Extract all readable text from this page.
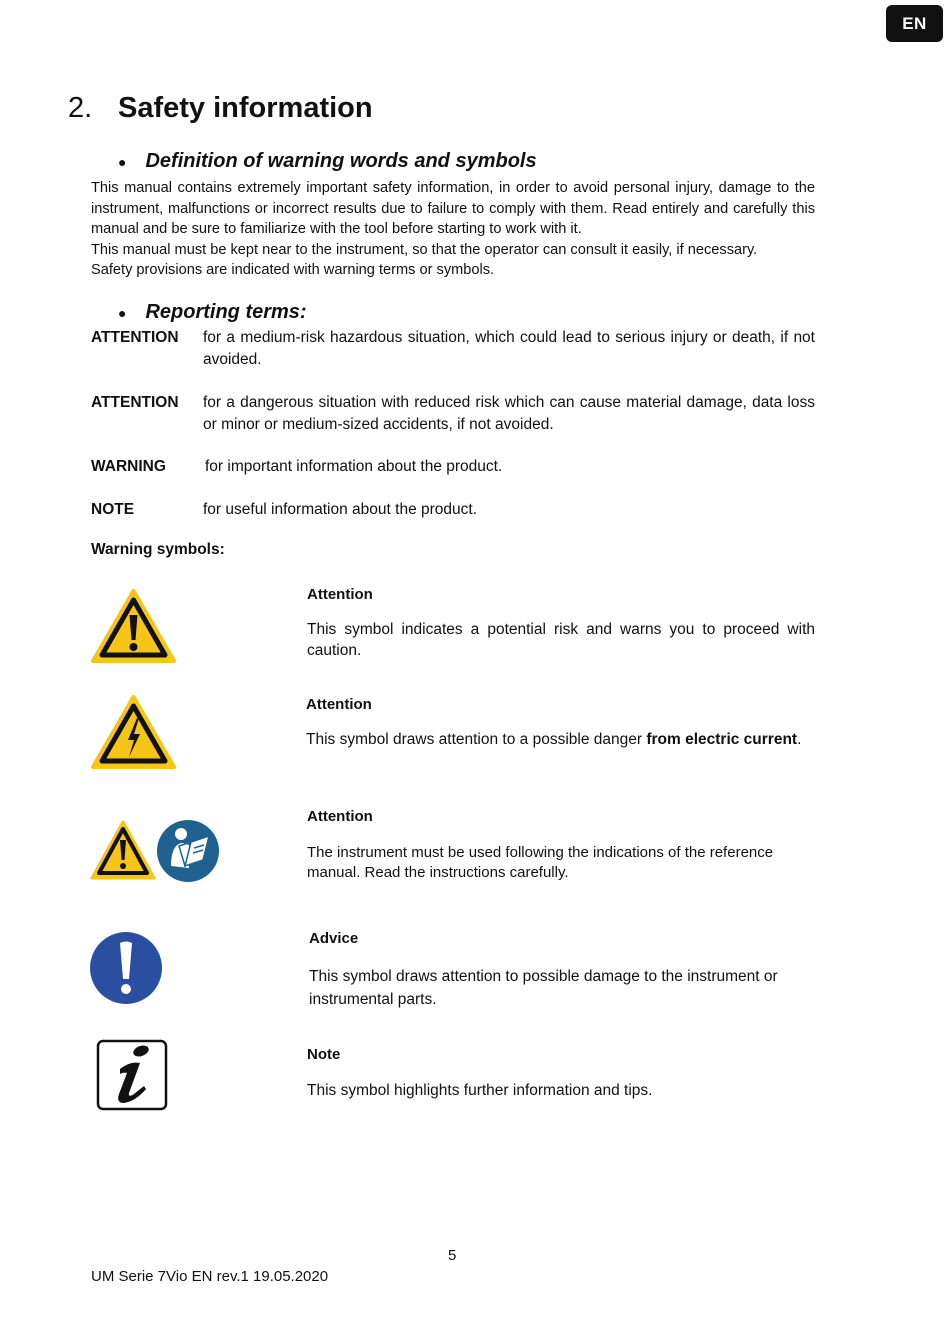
EN
2. Safety information
● Definition of warning words and symbols
This manual contains extremely important safety information, in order to avoid personal injury, damage to the instrument, malfunctions or incorrect results due to failure to comply with them. Read entirely and carefully this manual and be sure to familiarize with the tool before starting to work with it.
This manual must be kept near to the instrument, so that the operator can consult it easily, if necessary.
Safety provisions are indicated with warning terms or symbols.
● Reporting terms:
ATTENTION for a medium-risk hazardous situation, which could lead to serious injury or death, if not avoided.
ATTENTION for a dangerous situation with reduced risk which can cause material damage, data loss or minor or medium-sized accidents, if not avoided.
WARNING	for important information about the product.
NOTE	for useful information about the product.
Warning symbols:
Attention
This symbol indicates a potential risk and warns you to proceed with caution.
Attention
This symbol draws attention to a possible danger from electric current.
Attention
The instrument must be used following the indications of the reference manual. Read the instructions carefully.
Advice
This symbol draws attention to possible damage to the instrument or instrumental parts.
Note
This symbol highlights further information and tips.
5
UM Serie 7Vio EN rev.1 19.05.2020
